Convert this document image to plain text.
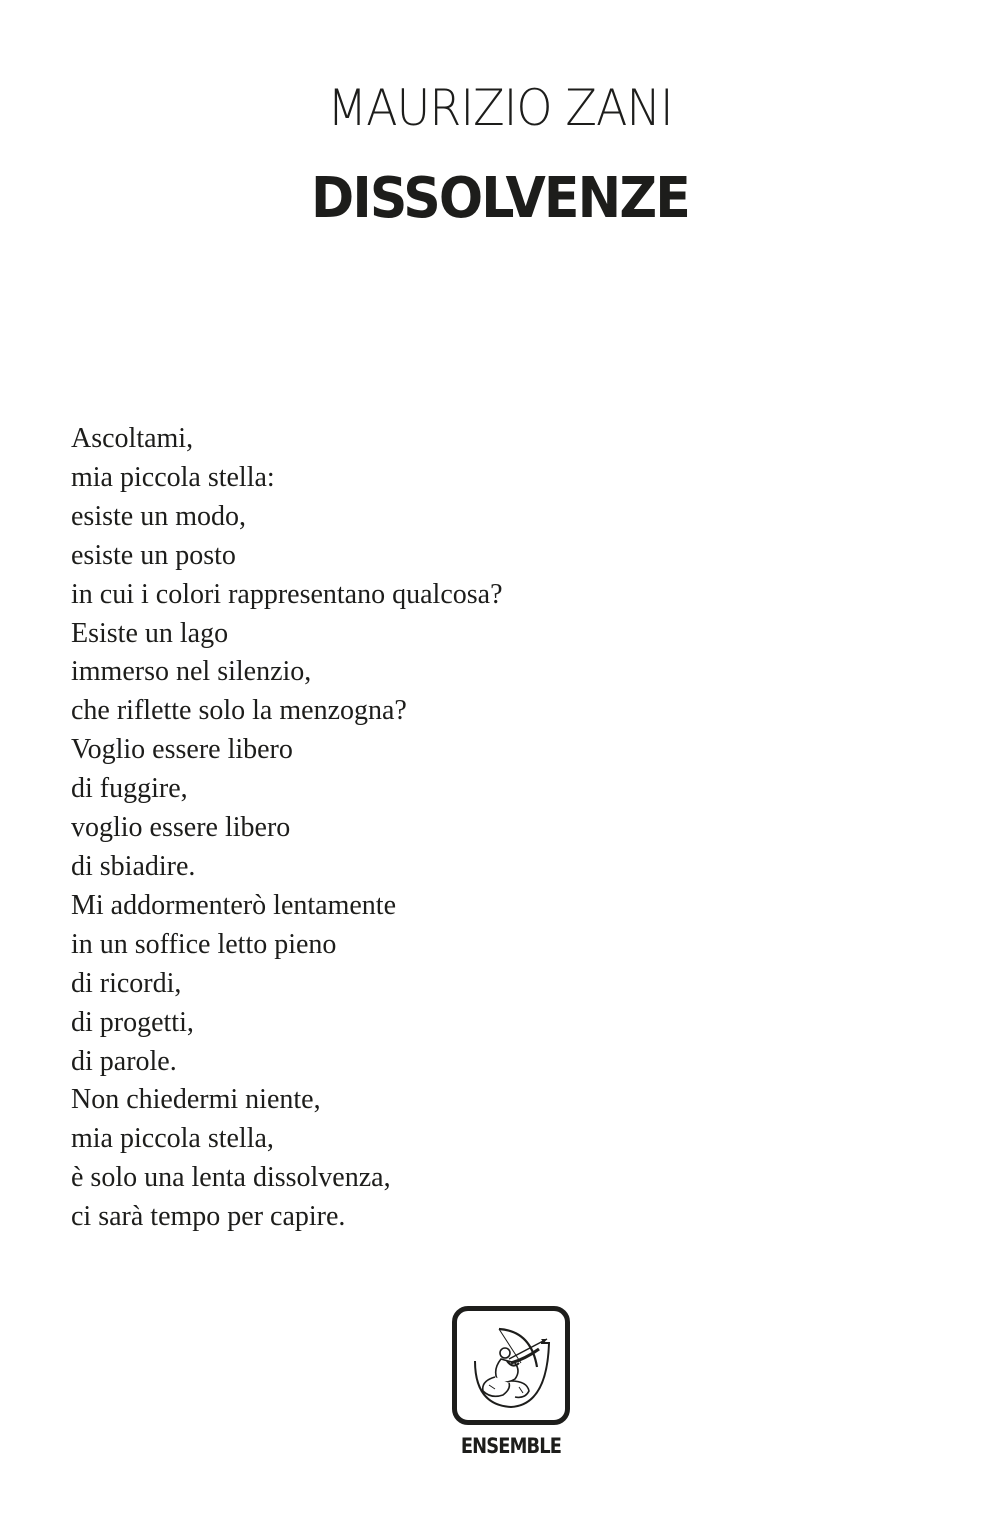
MAURIZIO ZANI
DISSOLVENZE
Ascoltami,
mia piccola stella:
esiste un modo,
esiste un posto
in cui i colori rappresentano qualcosa?
Esiste un lago
immerso nel silenzio,
che riflette solo la menzogna?
Voglio essere libero
di fuggire,
voglio essere libero
di sbiadire.
Mi addormenterò lentamente
in un soffice letto pieno
di ricordi,
di progetti,
di parole.
Non chiedermi niente,
mia piccola stella,
è solo una lenta dissolvenza,
ci sarà tempo per capire.
ENSEMBLE
